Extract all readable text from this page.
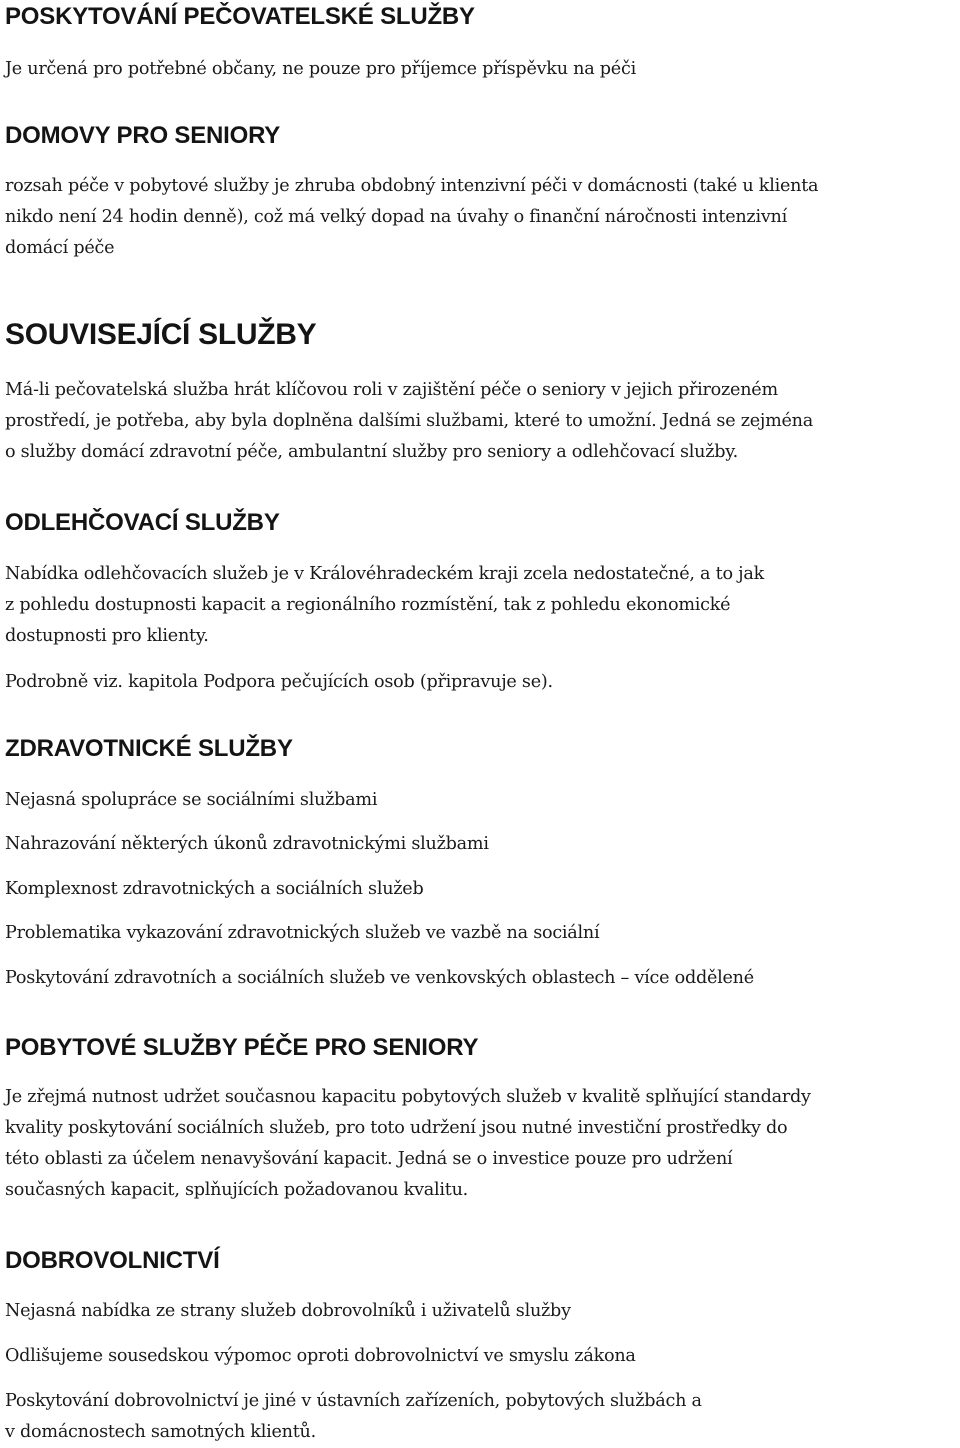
POSKYTOVÁNÍ PEČOVATELSKÉ SLUŽBY

Je určená pro potřebné občany, ne pouze pro příjemce příspěvku na péči

DOMOVY PRO SENIORY

rozsah péče v pobytové služby je zhruba obdobný intenzivní péči v domácnosti (také u klienta
nikdo není 24 hodin denně), což má velký dopad na úvahy o finanční náročnosti intenzivní
domácí péče

SOUVISEJÍCÍ SLUŽBY

Má-li pečovatelská služba hrát klíčovou roli v zajištění péče o seniory v jejich přirozeném
prostředí, je potřeba, aby byla doplněna dalšími službami, které to umožní. Jedná se zejména
o služby domácí zdravotní péče, ambulantní služby pro seniory a odlehčovací služby.

ODLEHČOVACÍ SLUŽBY

Nabídka odlehčovacích služeb je v Královéhradeckém kraji zcela nedostatečné, a to jak
z pohledu dostupnosti kapacit a regionálního rozmístění, tak z pohledu ekonomické
dostupnosti pro klienty.

Podrobně viz. kapitola Podpora pečujících osob (připravuje se).

ZDRAVOTNICKÉ SLUŽBY

Nejasná spolupráce se sociálními službami

Nahrazování některých úkonů zdravotnickými službami

Komplexnost zdravotnických a sociálních služeb

Problematika vykazování zdravotnických služeb ve vazbě na sociální

Poskytování zdravotních a sociálních služeb ve venkovských oblastech – více oddělené

POBYTOVÉ SLUŽBY PÉČE PRO SENIORY

Je zřejmá nutnost udržet současnou kapacitu pobytových služeb v kvalitě splňující standardy
kvality poskytování sociálních služeb, pro toto udržení jsou nutné investiční prostředky do
této oblasti za účelem nenavyšování kapacit. Jedná se o investice pouze pro udržení
současných kapacit, splňujících požadovanou kvalitu.

DOBROVOLNICTVÍ

Nejasná nabídka ze strany služeb dobrovolníků i uživatelů služby

Odlišujeme sousedskou výpomoc oproti dobrovolnictví ve smyslu zákona

Poskytování dobrovolnictví je jiné v ústavních zařízeních, pobytových službách a
v domácnostech samotných klientů.
